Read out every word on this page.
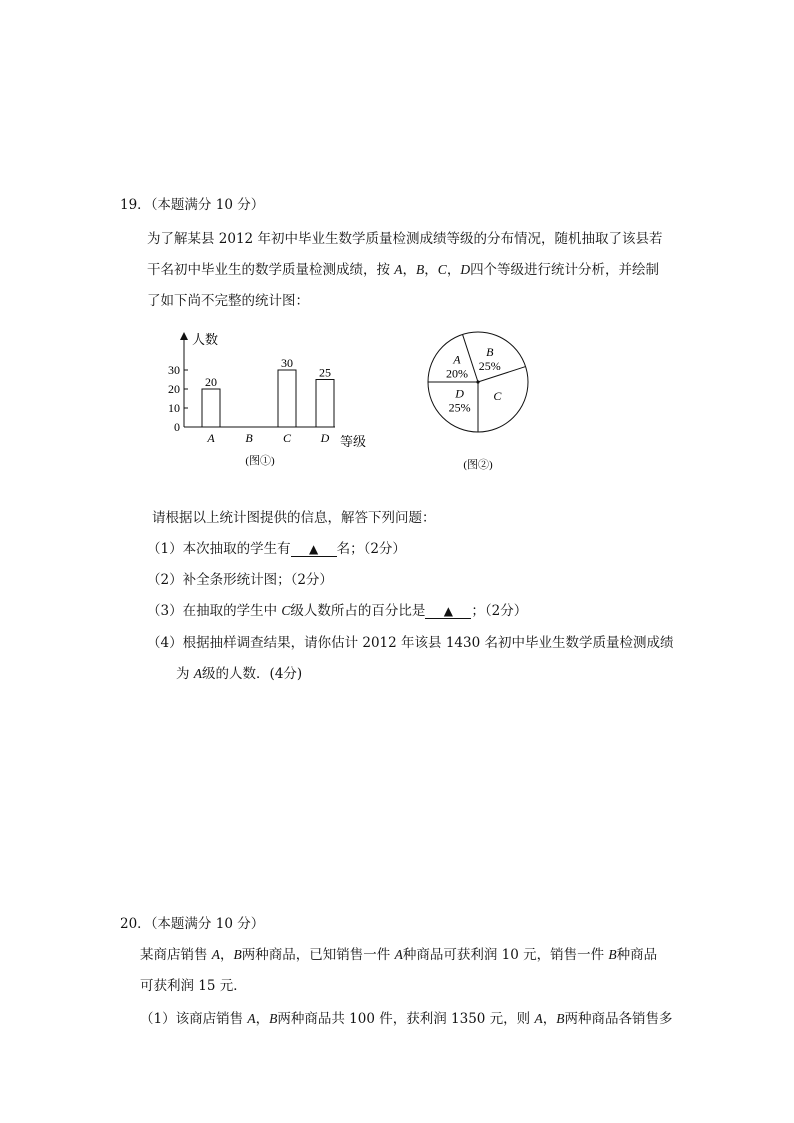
19．（本题满分 10 分）
为了解某县 2012 年初中毕业生数学质量检测成绩等级的分布情况，随机抽取了该县若
干名初中毕业生的数学质量检测成绩，按 A，B，C，D四个等级进行统计分析，并绘制
了如下尚不完整的统计图：
人数
等级
0
10
20
30
A
20
B	C
30
D
25
(图①)
A
20%
B
25%
C
D
25%
(图②)
请根据以上统计图提供的信息，解答下列问题：
（1）本次抽取的学生有 ▲ 名；（2分）
（2）补全条形统计图；（2分）
（3）在抽取的学生中 C级人数所占的百分比是 ▲ ；（2分）
（4）根据抽样调查结果，请你估计 2012 年该县 1430 名初中毕业生数学质量检测成绩
为 A级的人数．(4分)
20．（本题满分 10 分）
某商店销售 A，B两种商品，已知销售一件 A种商品可获利润 10 元，销售一件 B种商品
可获利润 15 元．
（1）该商店销售 A，B两种商品共 100 件，获利润 1350 元，则 A，B两种商品各销售多
